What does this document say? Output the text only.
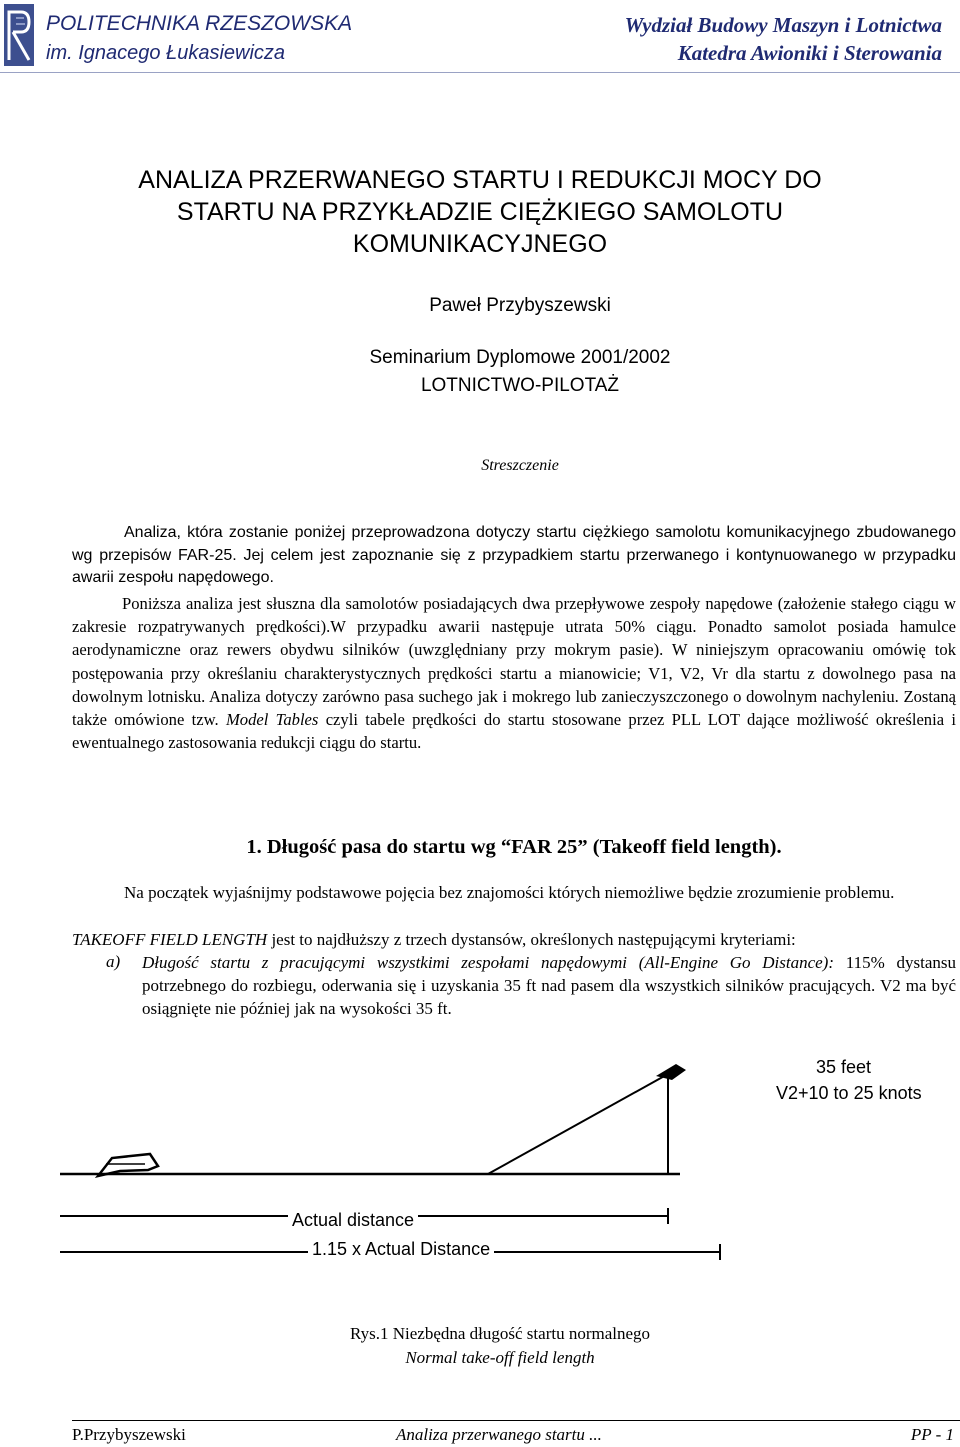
POLITECHNIKA RZESZOWSKA
im. Ignacego Łukasiewicza
Wydział Budowy Maszyn i Lotnictwa
Katedra Awioniki i Sterowania
ANALIZA PRZERWANEGO STARTU I REDUKCJI MOCY DO
STARTU NA PRZYKŁADZIE CIĘŻKIEGO SAMOLOTU
KOMUNIKACYJNEGO
Paweł Przybyszewski
Seminarium Dyplomowe 2001/2002
LOTNICTWO-PILOTAŻ
Streszczenie
Analiza, która zostanie poniżej przeprowadzona dotyczy startu ciężkiego samolotu komunikacyjnego zbudowanego wg przepisów FAR-25. Jej celem jest zapoznanie się z przypadkiem startu przerwanego i kontynuowanego w przypadku awarii zespołu napędowego.
Poniższa analiza jest słuszna dla samolotów posiadających dwa przepływowe zespoły napędowe (założenie stałego ciągu w zakresie rozpatrywanych prędkości).W przypadku awarii następuje utrata 50% ciągu. Ponadto samolot posiada hamulce aerodynamiczne oraz rewers obydwu silników (uwzględniany przy mokrym pasie). W niniejszym opracowaniu omówię tok postępowania przy określaniu charakterystycznych prędkości startu a mianowicie; V1, V2, Vr dla startu z dowolnego pasa na dowolnym lotnisku. Analiza dotyczy zarówno pasa suchego jak i mokrego lub zanieczyszczonego o dowolnym nachyleniu. Zostaną także omówione tzw. Model Tables czyli tabele prędkości do startu stosowane przez PLL LOT dające możliwość określenia i ewentualnego zastosowania redukcji ciągu do startu.
1. Długość pasa do startu wg “FAR 25” (Takeoff field length).
Na początek wyjaśnijmy podstawowe pojęcia bez znajomości których niemożliwe będzie zrozumienie problemu.
TAKEOFF FIELD LENGTH jest to najdłuższy z trzech dystansów, określonych następującymi kryteriami:
a) Długość startu z pracującymi wszystkimi zespołami napędowymi (All-Engine Go Distance): 115% dystansu potrzebnego do rozbiegu, oderwania się i uzyskania 35 ft nad pasem dla wszystkich silników pracujących. V2 ma być osiągnięte nie później jak na wysokości 35 ft.
35 feet
V2+10 to 25 knots
Actual distance
1.15 x Actual Distance
Rys.1 Niezbędna długość startu normalnego
Normal take-off field length
P.Przybyszewski	Analiza przerwanego startu ...	PP - 1
